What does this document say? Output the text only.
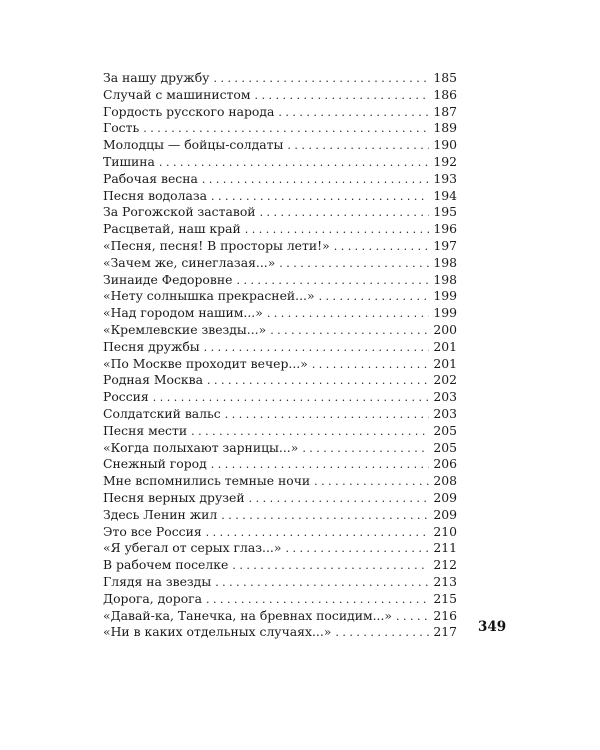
За нашу дружбу . . .	185
Случай с машинистом . . .	186
Гордость русского народа . . .	187
Гость . . .	189
Молодцы — бойцы-солдаты . . .	190
Тишина . . .	192
Рабочая весна . . .	193
Песня водолаза . . .	194
За Рогожской заставой . . .	195
Расцветай, наш край . . .	196
«Песня, песня! В просторы лети!» . . .	197
«Зачем же, синеглазая...» . . .	198
Зинаиде Федоровне . . .	198
«Нету солнышка прекрасней...» . . .	199
«Над городом нашим...» . . .	199
«Кремлевские звезды...» . . .	200
Песня дружбы . . .	201
«По Москве проходит вечер...» . . .	201
Родная Москва . . .	202
Россия . . .	203
Солдатский вальс . . .	203
Песня мести . . .	205
«Когда полыхают зарницы...» . . .	205
Снежный город . . .	206
Мне вспомнились темные ночи . . .	208
Песня верных друзей . . .	209
Здесь Ленин жил . . .	209
Это все Россия . . .	210
«Я убегал от серых глаз...» . . .	211
В рабочем поселке . . .	212
Глядя на звезды . . .	213
Дорога, дорога . . .	215
«Давай-ка, Танечка, на бревнах посидим...» . . .	216
«Ни в каких отдельных случаях...» . . .	217 349
